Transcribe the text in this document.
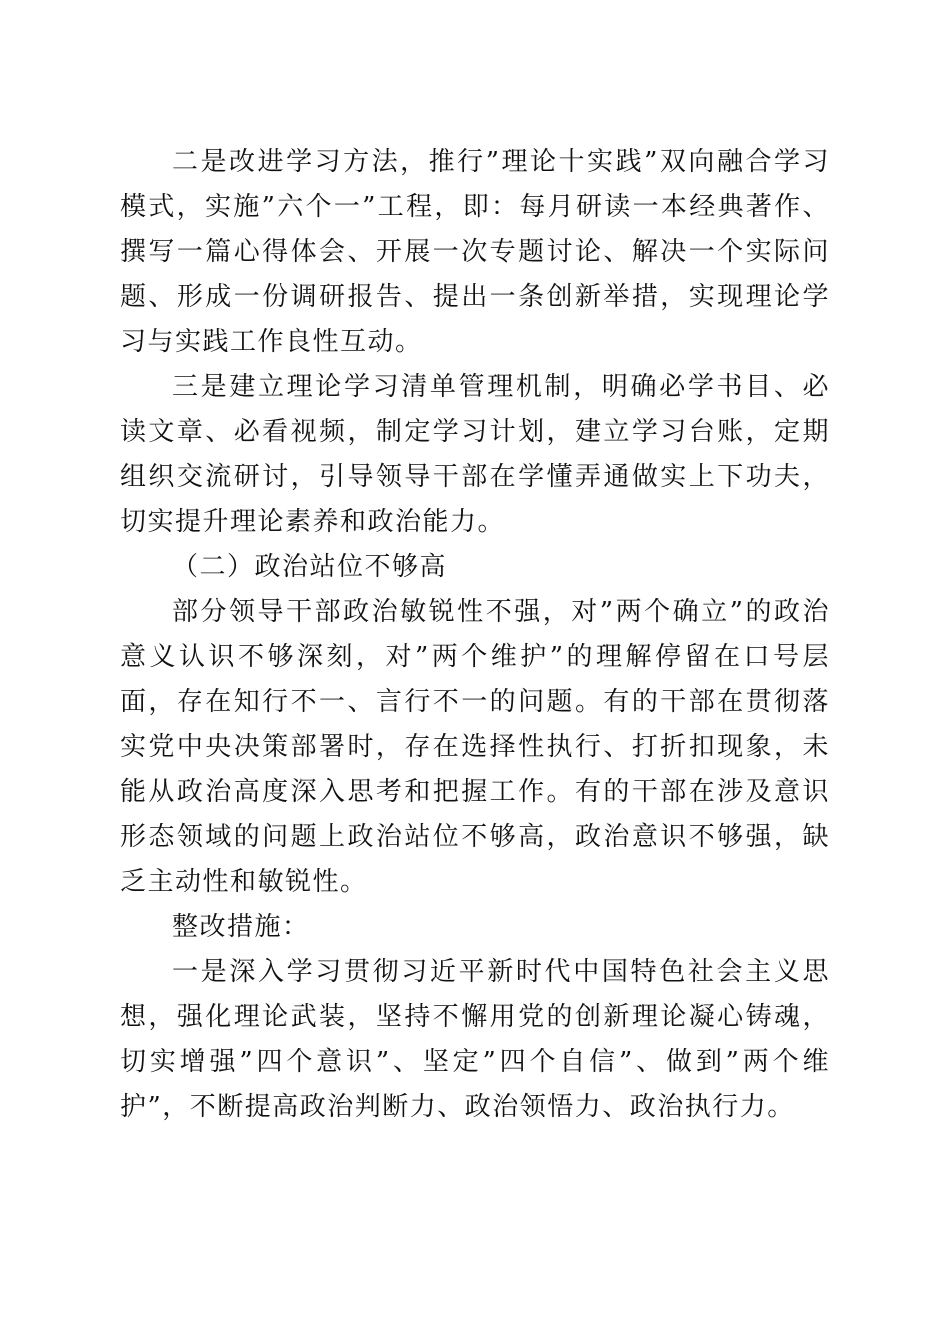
二是改进学习方法，推行”理论十实践”双向融合学习模式，实施”六个一”工程，即：每月研读一本经典著作、撰写一篇心得体会、开展一次专题讨论、解决一个实际问题、形成一份调研报告、提出一条创新举措，实现理论学习与实践工作良性互动。

三是建立理论学习清单管理机制，明确必学书目、必读文章、必看视频，制定学习计划，建立学习台账，定期组织交流研讨，引导领导干部在学懂弄通做实上下功夫，切实提升理论素养和政治能力。

（二）政治站位不够高

部分领导干部政治敏锐性不强，对”两个确立”的政治意义认识不够深刻，对”两个维护”的理解停留在口号层面，存在知行不一、言行不一的问题。有的干部在贯彻落实党中央决策部署时，存在选择性执行、打折扣现象，未能从政治高度深入思考和把握工作。有的干部在涉及意识形态领域的问题上政治站位不够高，政治意识不够强，缺乏主动性和敏锐性。

整改措施：

一是深入学习贯彻习近平新时代中国特色社会主义思想，强化理论武装，坚持不懈用党的创新理论凝心铸魂，切实增强”四个意识”、坚定”四个自信”、做到”两个维护”，不断提高政治判断力、政治领悟力、政治执行力。
